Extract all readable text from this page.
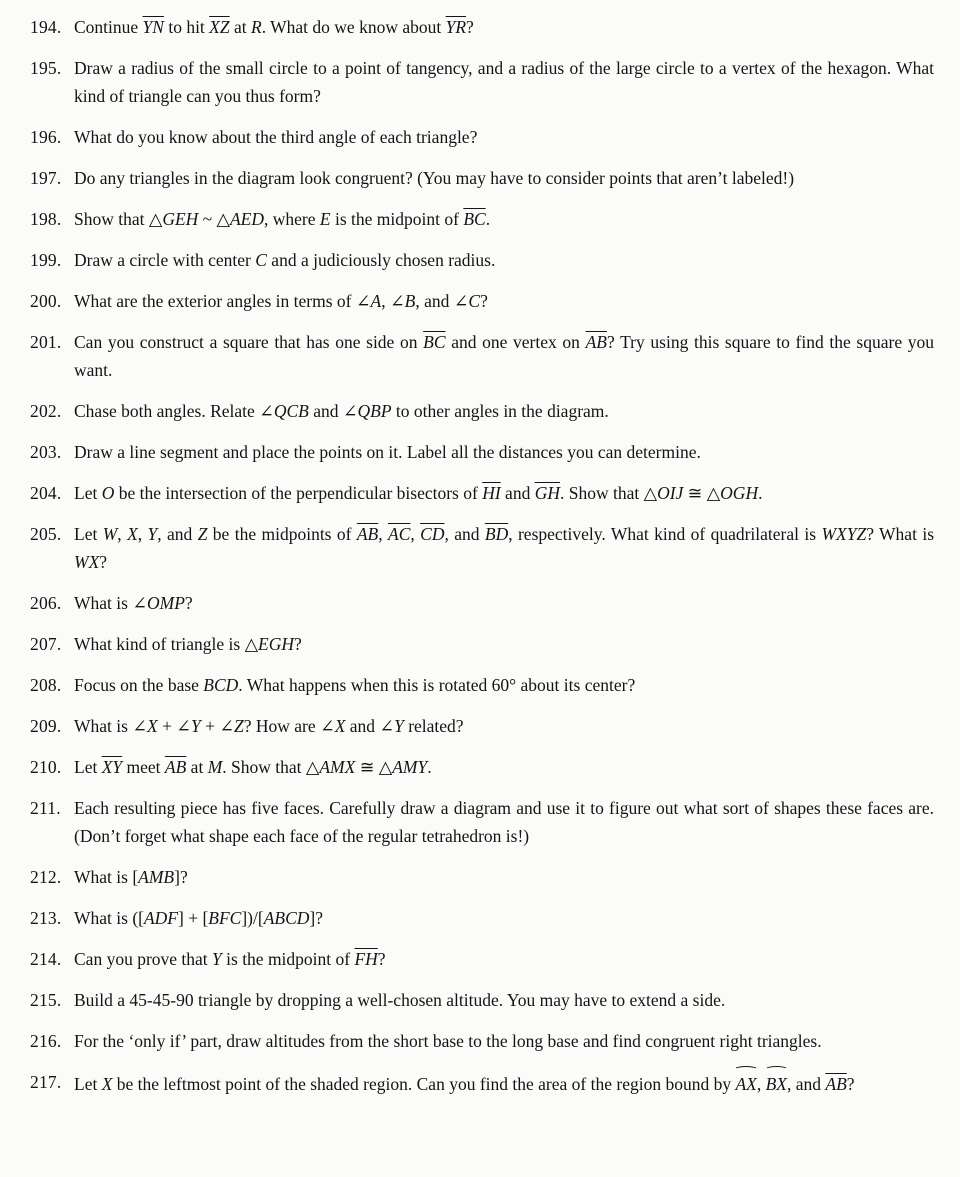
194. Continue $\overline{YN}$ to hit $\overline{XZ}$ at R. What do we know about $\overline{YR}$?
195. Draw a radius of the small circle to a point of tangency, and a radius of the large circle to a vertex of the hexagon. What kind of triangle can you thus form?
196. What do you know about the third angle of each triangle?
197. Do any triangles in the diagram look congruent? (You may have to consider points that aren’t labeled!)
198. Show that △GEH ~ △AED, where E is the midpoint of $\overline{BC}$.
199. Draw a circle with center C and a judiciously chosen radius.
200. What are the exterior angles in terms of ∠A, ∠B, and ∠C?
201. Can you construct a square that has one side on $\overline{BC}$ and one vertex on $\overline{AB}$? Try using this square to find the square you want.
202. Chase both angles. Relate ∠QCB and ∠QBP to other angles in the diagram.
203. Draw a line segment and place the points on it. Label all the distances you can determine.
204. Let O be the intersection of the perpendicular bisectors of $\overline{HI}$ and $\overline{GH}$. Show that △OIJ ≅ △OGH.
205. Let W, X, Y, and Z be the midpoints of $\overline{AB}$, $\overline{AC}$, $\overline{CD}$, and $\overline{BD}$, respectively. What kind of quadrilateral is WXYZ? What is WX?
206. What is ∠OMP?
207. What kind of triangle is △EGH?
208. Focus on the base BCD. What happens when this is rotated 60° about its center?
209. What is ∠X + ∠Y + ∠Z? How are ∠X and ∠Y related?
210. Let $\overline{XY}$ meet $\overline{AB}$ at M. Show that △AMX ≅ △AMY.
211. Each resulting piece has five faces. Carefully draw a diagram and use it to figure out what sort of shapes these faces are. (Don’t forget what shape each face of the regular tetrahedron is!)
212. What is [AMB]?
213. What is ([ADF] + [BFC])/[ABCD]?
214. Can you prove that Y is the midpoint of $\overline{FH}$?
215. Build a 45-45-90 triangle by dropping a well-chosen altitude. You may have to extend a side.
216. For the ‘only if’ part, draw altitudes from the short base to the long base and find congruent right triangles.
217. Let X be the leftmost point of the shaded region. Can you find the area of the region bound by AX, BX, and $\overline{AB}$?
